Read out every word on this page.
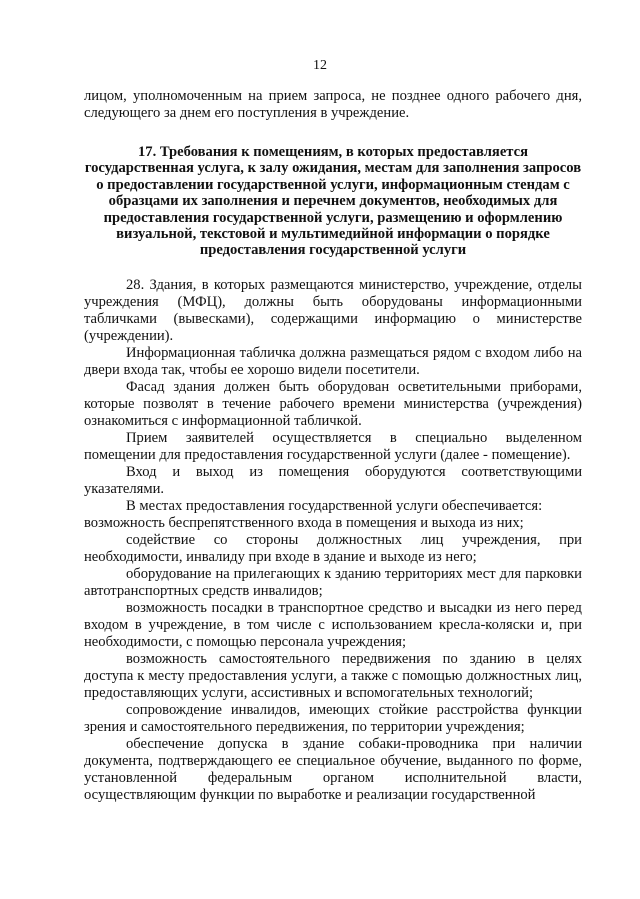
12

лицом, уполномоченным на прием запроса, не позднее одного рабочего дня, следующего за днем его поступления в учреждение.

17. Требования к помещениям, в которых предоставляется государственная услуга, к залу ожидания, местам для заполнения запросов о предоставлении государственной услуги, информационным стендам с образцами их заполнения и перечнем документов, необходимых для предоставления государственной услуги, размещению и оформлению визуальной, текстовой и мультимедийной информации о порядке предоставления государственной услуги

28. Здания, в которых размещаются министерство, учреждение, отделы учреждения (МФЦ), должны быть оборудованы информационными табличками (вывесками), содержащими информацию о министерстве (учреждении).

Информационная табличка должна размещаться рядом с входом либо на двери входа так, чтобы ее хорошо видели посетители.

Фасад здания должен быть оборудован осветительными приборами, которые позволят в течение рабочего времени министерства (учреждения) ознакомиться с информационной табличкой.

Прием заявителей осуществляется в специально выделенном помещении для предоставления государственной услуги (далее - помещение).

Вход и выход из помещения оборудуются соответствующими указателями.

В местах предоставления государственной услуги обеспечивается:

возможность беспрепятственного входа в помещения и выхода из них;

содействие со стороны должностных лиц учреждения, при необходимости, инвалиду при входе в здание и выходе из него;

оборудование на прилегающих к зданию территориях мест для парковки автотранспортных средств инвалидов;

возможность посадки в транспортное средство и высадки из него перед входом в учреждение, в том числе с использованием кресла-коляски и, при необходимости, с помощью персонала учреждения;

возможность самостоятельного передвижения по зданию в целях доступа к месту предоставления услуги, а также с помощью должностных лиц, предоставляющих услуги, ассистивных и вспомогательных технологий;

сопровождение инвалидов, имеющих стойкие расстройства функции зрения и самостоятельного передвижения, по территории учреждения;

обеспечение допуска в здание собаки-проводника при наличии документа, подтверждающего ее специальное обучение, выданного по форме, установленной федеральным органом исполнительной власти, осуществляющим функции по выработке и реализации государственной
